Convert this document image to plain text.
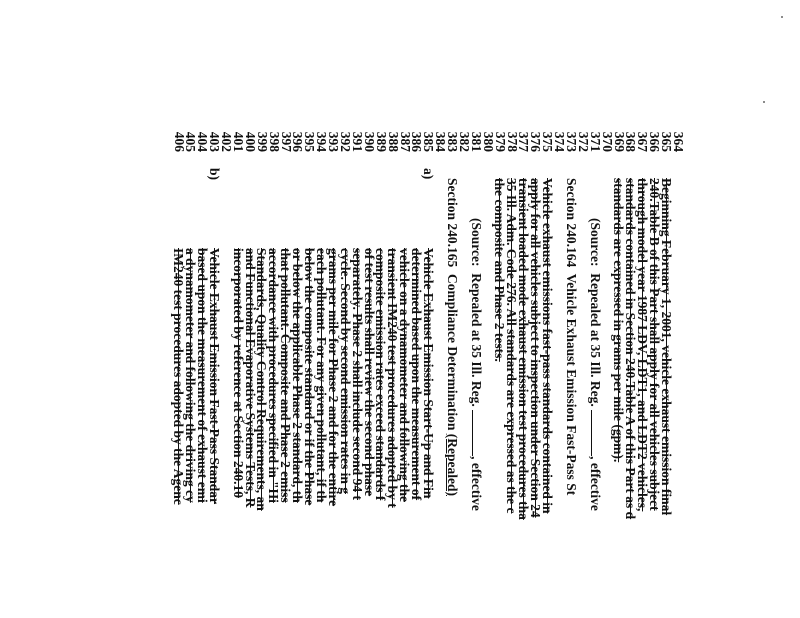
364
365
366
367
368
369
370
371
372
373
374
375
376
377
378
379
380
381
382
383
384
385
386
387
388
389
390
391
392
393
394
395
396
397
398
399
400
401
402
403
404
405
406
Beginning February 1, 2001, vehicle exhaust emission final
240.Table B of this Part shall apply for all vehicles subject
through model year 1987 LDV, LDT1, and LDT2 vehicles,
standards contained in Section 240.Table A of this Part as d
standards are expressed in grams per mile (gpm).
(Source:  Repealed at 35 Ill. Reg. , effective
Section 240.164  Vehicle Exhaust Emission Fast-Pass St
Vehicle exhaust emissions fast-pass standards contained in
apply for all vehicles subject to inspection under Section 24
transient loaded mode exhaust emission test procedures tha
35 Ill. Adm. Code 276. All standards are expressed as the c
the composite and Phase 2 tests.
(Source:  Repealed at 35 Ill. Reg. , effective
Section 240.165  Compliance Determination (Repealed)
a)
Vehicle Exhaust Emission Start-Up and Fin
determined based upon the measurement of
vehicle on a dynamometer and following the
transient IM240 test procedures adopted by t
composite emission rates exceed standards f
of test results shall review the second phase
separately. Phase 2 shall include second 94 t
cycle. Second by second emission rates in g
grams per mile for Phase 2 and for the entire
each pollutant. For any given pollutant, if th
below the composite standard or if the Phase
or below the applicable Phase 2 standard, th
that pollutant. Composite and Phase 2 emiss
accordance with procedures specified in "Hi
Standards, Quality Control Requirements, an
and Functional Evaporative Systems Tests, R
incorporated by reference at Section 240.10
b)
Vehicle Exhaust Emission Fast-Pass Standar
based upon the measurement of exhaust emi
a dynamometer and following the driving cy
IM240 test procedures adopted by the Agenc
